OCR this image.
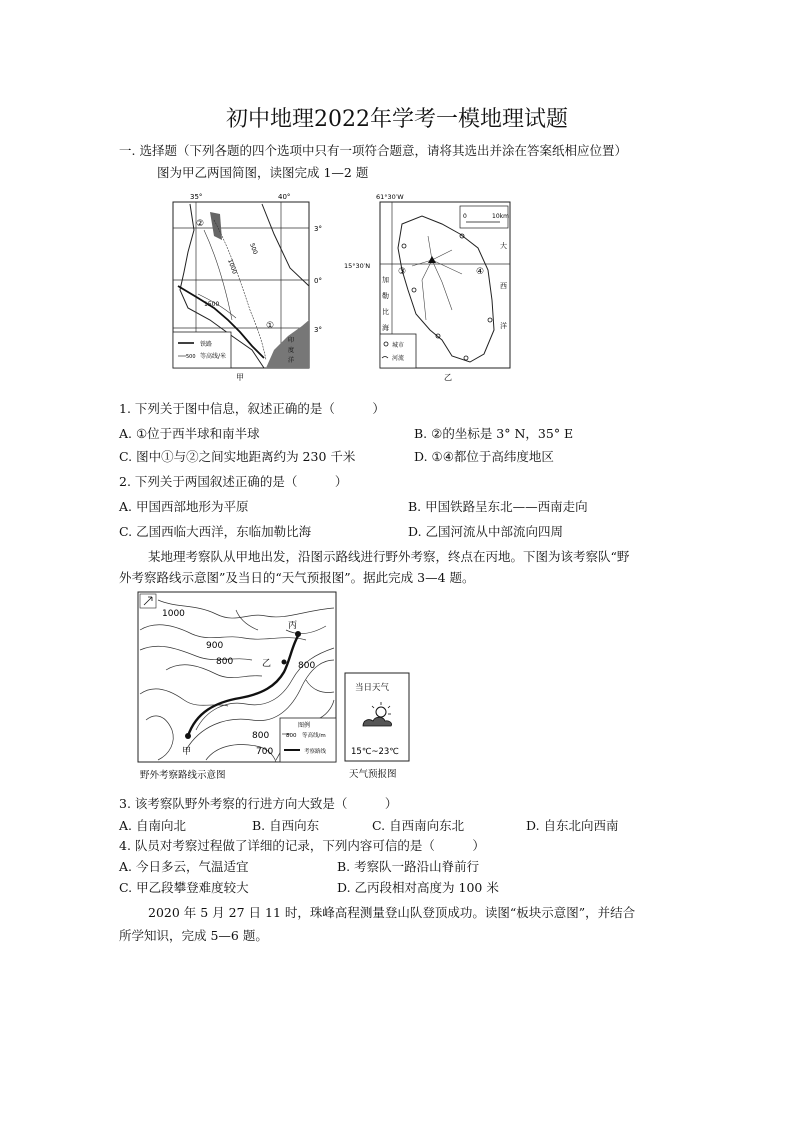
初中地理2022年学考一模地理试题
一. 选择题（下列各题的四个选项中只有一项符合题意，请将其选出并涂在答案纸相应位置）
图为甲乙两国简图，读图完成 1—2 题
35°	40°
3°
0°
3°
500
1000
1500
②
①
印
度
洋
铁路
500 等高线/米
甲
61°30′W
15°30′N
0	10km
③	④
加
勒
比
海
大
西
洋
城市
河流
乙
1. 下列关于图中信息，叙述正确的是（　　　）
A. ①位于西半球和南半球	B. ②的坐标是 3° N，35° E
C. 图中①与②之间实地距离约为 230 千米	D. ①④都位于高纬度地区
2. 下列关于两国叙述正确的是（　　　）
A. 甲国西部地形为平原	B. 甲国铁路呈东北——西南走向
C. 乙国西临大西洋，东临加勒比海	D. 乙国河流从中部流向四周
某地理考察队从甲地出发，沿图示路线进行野外考察，终点在丙地。下图为该考察队“野
外考察路线示意图”及当日的“天气预报图”。据此完成 3—4 题。
1000
900
800	800
800
700
甲
乙
丙
图例
800 等高线/m
考察路线
野外考察路线示意图
当日天气
15℃~23℃
天气预报图
3. 该考察队野外考察的行进方向大致是（　　　）
A. 自南向北	B. 自西向东	C. 自西南向东北	D. 自东北向西南
4. 队员对考察过程做了详细的记录，下列内容可信的是（　　　）
A. 今日多云，气温适宜	B. 考察队一路沿山脊前行
C. 甲乙段攀登难度较大	D. 乙丙段相对高度为 100 米
2020 年 5 月 27 日 11 时，珠峰高程测量登山队登顶成功。读图“板块示意图”，并结合
所学知识，完成 5—6 题。
